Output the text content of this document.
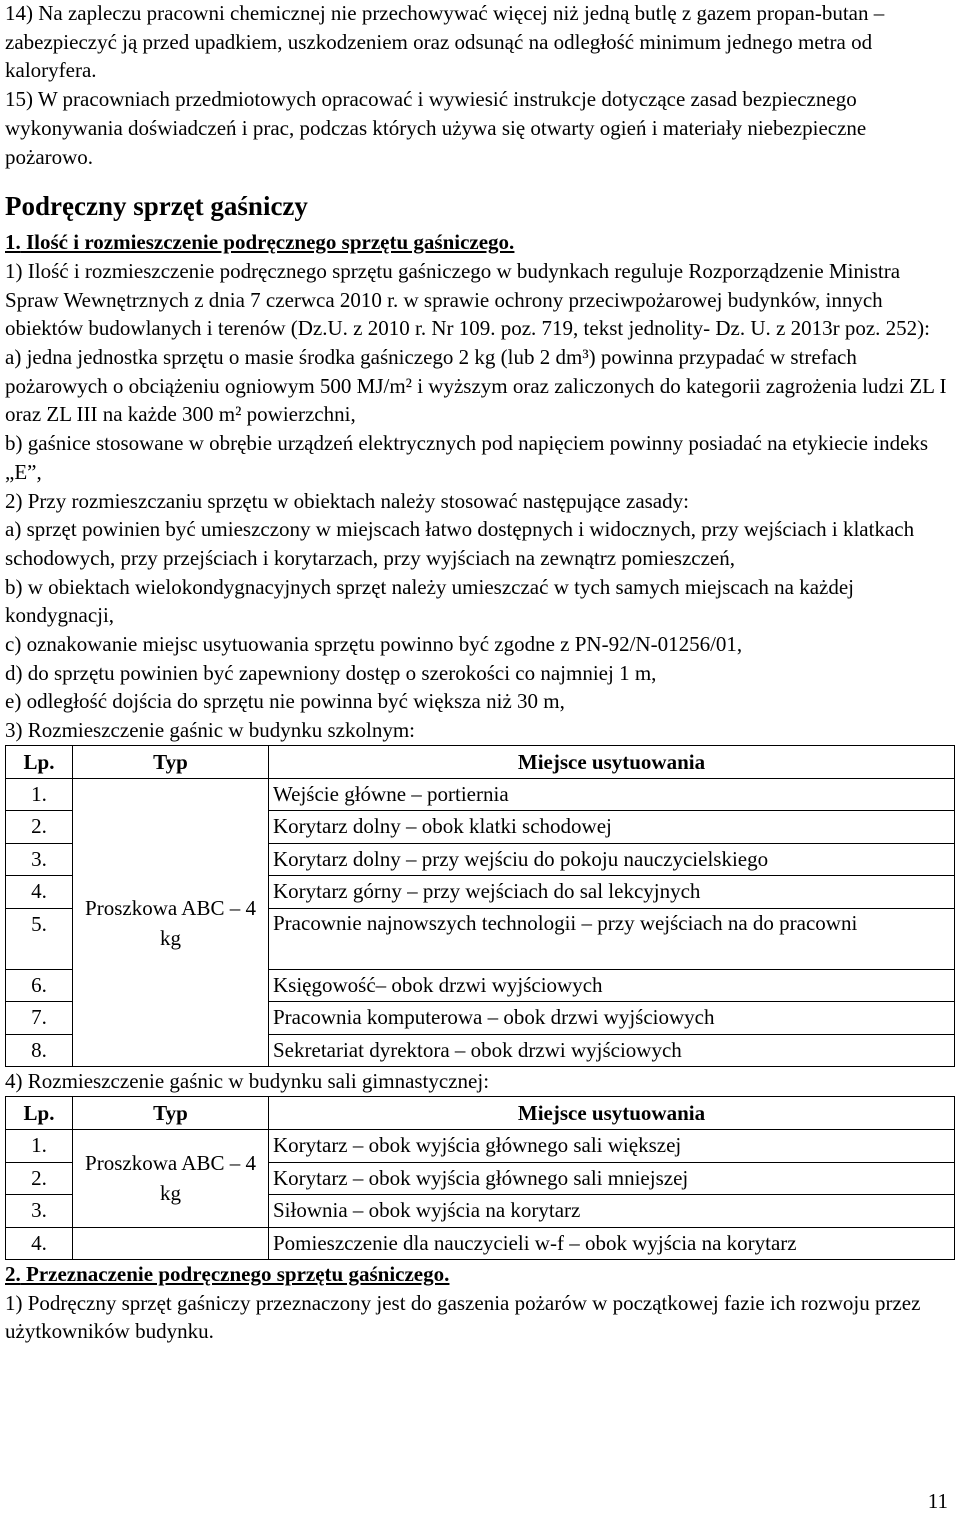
14) Na zapleczu pracowni chemicznej nie przechowywać więcej niż jedną butlę z gazem propan-butan – zabezpieczyć ją przed upadkiem, uszkodzeniem oraz odsunąć na odległość minimum jednego metra od kaloryfera.

15) W pracowniach przedmiotowych opracować i wywiesić instrukcje dotyczące zasad bezpiecznego wykonywania doświadczeń i prac, podczas których używa się otwarty ogień i materiały niebezpieczne pożarowo.

Podręczny sprzęt gaśniczy

1. Ilość i rozmieszczenie podręcznego sprzętu gaśniczego.

1) Ilość i rozmieszczenie podręcznego sprzętu gaśniczego w budynkach reguluje Rozporządzenie Ministra Spraw Wewnętrznych z dnia 7 czerwca 2010 r. w sprawie ochrony przeciwpożarowej budynków, innych obiektów budowlanych i terenów (Dz.U. z 2010 r. Nr 109. poz. 719, tekst jednolity- Dz. U. z 2013r poz. 252):

a) jedna jednostka sprzętu o masie środka gaśniczego 2 kg (lub 2 dm³) powinna przypadać w strefach pożarowych o obciążeniu ogniowym 500 MJ/m² i wyższym oraz zaliczonych do kategorii zagrożenia ludzi ZL I oraz ZL III na każde 300 m² powierzchni,

b) gaśnice stosowane w obrębie urządzeń elektrycznych pod napięciem powinny posiadać na etykiecie indeks „E”,

2) Przy rozmieszczaniu sprzętu w obiektach należy stosować następujące zasady:

a) sprzęt powinien być umieszczony w miejscach łatwo dostępnych i widocznych, przy wejściach i klatkach schodowych, przy przejściach i korytarzach, przy wyjściach na zewnątrz pomieszczeń,

b) w obiektach wielokondygnacyjnych sprzęt należy umieszczać w tych samych miejscach na każdej kondygnacji,

c) oznakowanie miejsc usytuowania sprzętu powinno być zgodne z PN-92/N-01256/01,

d) do sprzętu powinien być zapewniony dostęp o szerokości co najmniej 1 m,

e) odległość dojścia do sprzętu nie powinna być większa niż 30 m,

3) Rozmieszczenie gaśnic w budynku szkolnym:

Lp.	Typ	Miejsce usytuowania
1.	Proszkowa ABC – 4 kg	Wejście główne – portiernia
2.		Korytarz dolny – obok klatki schodowej
3.		Korytarz dolny – przy wejściu do pokoju nauczycielskiego
4.		Korytarz górny – przy wejściach do sal lekcyjnych
5.		Pracownie najnowszych technologii – przy wejściach na do pracowni
6.		Księgowość– obok drzwi wyjściowych
7.		Pracownia komputerowa – obok drzwi wyjściowych
8.		Sekretariat dyrektora – obok drzwi wyjściowych

4) Rozmieszczenie gaśnic w budynku sali gimnastycznej:

Lp.	Typ	Miejsce usytuowania
1.	Proszkowa ABC – 4 kg	Korytarz – obok wyjścia głównego sali większej
2.		Korytarz – obok wyjścia głównego sali mniejszej
3.		Siłownia – obok wyjścia na korytarz
4.		Pomieszczenie dla nauczycieli w-f – obok wyjścia na korytarz

2. Przeznaczenie podręcznego sprzętu gaśniczego.

1) Podręczny sprzęt gaśniczy przeznaczony jest do gaszenia pożarów w początkowej fazie ich rozwoju przez użytkowników budynku.

11
